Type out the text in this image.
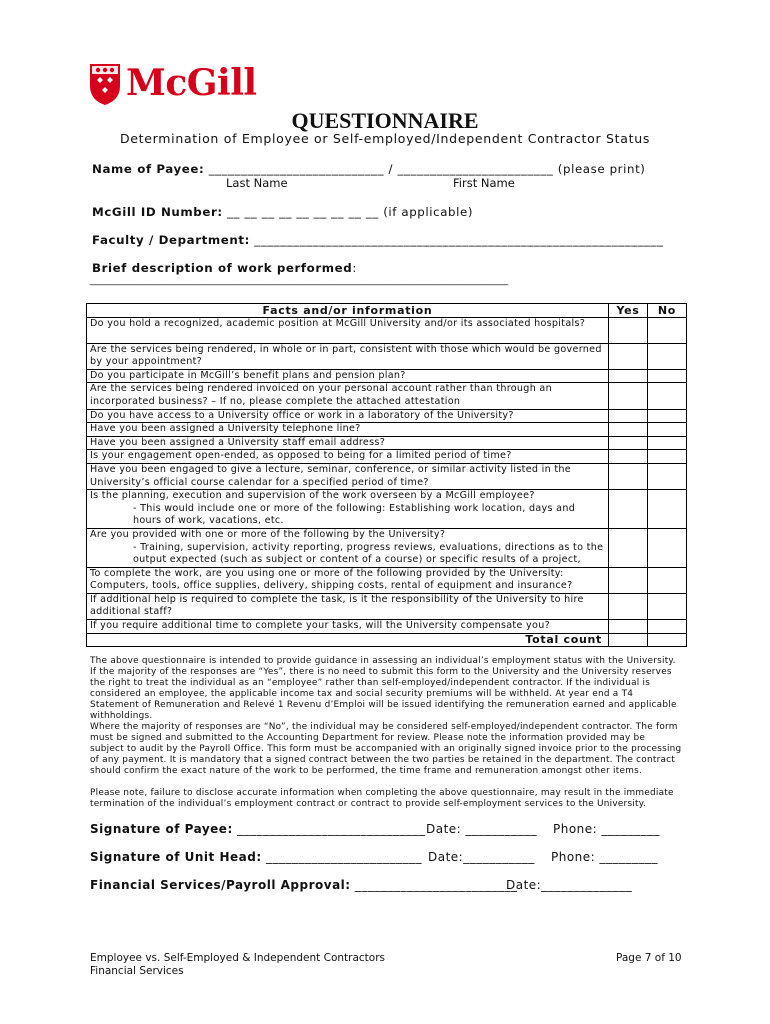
McGill
QUESTIONNAIRE
Determination of Employee or Self-employed/Independent Contractor Status
Name of Payee: ___________________________ / ________________________ (please print)
Last Name	First Name
McGill ID Number: __ __ __ __ __ __ __ __ __ (if applicable)
Faculty / Department: _______________________________________________________________
Brief description of work performed:
__________________________________________________________________________________
Facts and/or information	Yes	No
Do you hold a recognized, academic position at McGill University and/or its associated hospitals?		
Are the services being rendered, in whole or in part, consistent with those which would be governed by your appointment?		
Do you participate in McGill’s benefit plans and pension plan?		
Are the services being rendered invoiced on your personal account rather than through an incorporated business? – If no, please complete the attached attestation		
Do you have access to a University office or work in a laboratory of the University?		
Have you been assigned a University telephone line?		
Have you been assigned a University staff email address?		
Is your engagement open-ended, as opposed to being for a limited period of time?		
Have you been engaged to give a lecture, seminar, conference, or similar activity listed in the University’s official course calendar for a specified period of time?		
Is the planning, execution and supervision of the work overseen by a McGill employee?
- This would include one or more of the following: Establishing work location, days and hours of work, vacations, etc.		

Are you provided with one or more of the following by the University?
- Training, supervision, activity reporting, progress reviews, evaluations, directions as to the output expected (such as subject or content of a course) or specific results of a project,		

To complete the work, are you using one or more of the following provided by the University: Computers, tools, office supplies, delivery, shipping costs, rental of equipment and insurance?		
If additional help is required to complete the task, is it the responsibility of the University to hire additional staff?		
If you require additional time to complete your tasks, will the University compensate you?		
Total count		
The above questionnaire is intended to provide guidance in assessing an individual’s employment status with the University. If the majority of the responses are “Yes”, there is no need to submit this form to the University and the University reserves the right to treat the individual as an “employee” rather than self-employed/independent contractor. If the individual is considered an employee, the applicable income tax and social security premiums will be withheld. At year end a T4 Statement of Remuneration and Relevé 1 Revenu d’Emploi will be issued identifying the remuneration earned and applicable withholdings.
Where the majority of responses are “No”, the individual may be considered self-employed/independent contractor. The form must be signed and submitted to the Accounting Department for review. Please note the information provided may be subject to audit by the Payroll Office. This form must be accompanied with an originally signed invoice prior to the processing of any payment. It is mandatory that a signed contract between the two parties be retained in the department. The contract should confirm the exact nature of the work to be performed, the time frame and remuneration amongst other items.
Please note, failure to disclose accurate information when completing the above questionnaire, may result in the immediate termination of the individual’s employment contract or contract to provide self-employment services to the University.
Signature of Payee: _____________________________ Date: ___________ Phone: _________
Signature of Unit Head: ________________________ Date:___________ Phone: _________
Financial Services/Payroll Approval: _________________________
Date:______________
Employee vs. Self-Employed & Independent Contractors
Financial Services
Page 7 of 10
